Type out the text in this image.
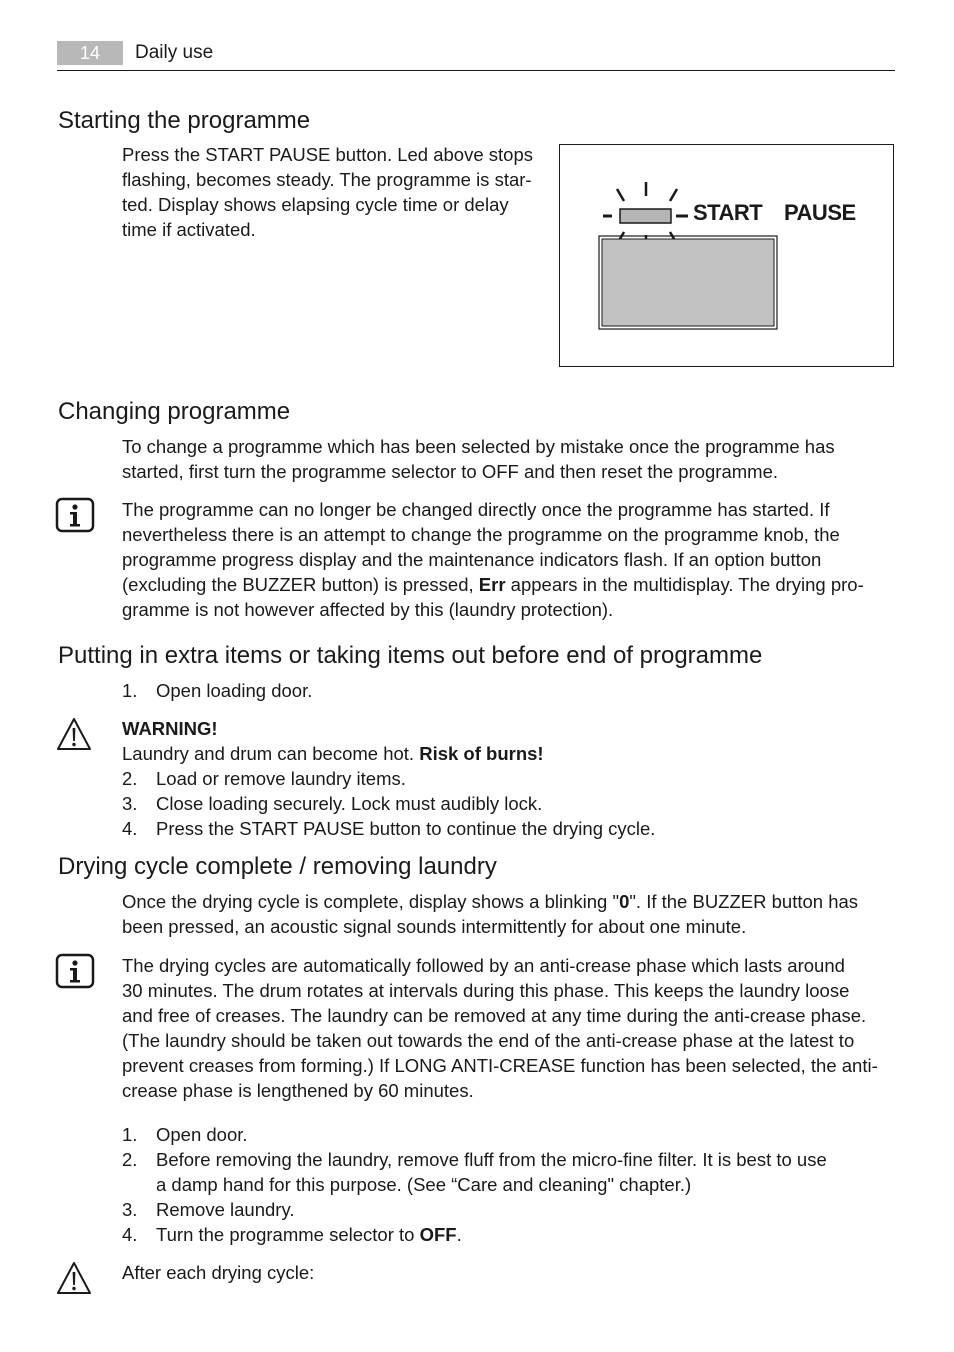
14	Daily use
Starting the programme
Press the START PAUSE button. Led above stops
flashing, becomes steady. The programme is star-
ted. Display shows elapsing cycle time or delay
time if activated.
START PAUSE
Changing programme
To change a programme which has been selected by mistake once the programme has
started, first turn the programme selector to OFF and then reset the programme.
The programme can no longer be changed directly once the programme has started. If
nevertheless there is an attempt to change the programme on the programme knob, the
programme progress display and the maintenance indicators flash. If an option button
(excluding the BUZZER button) is pressed, Err appears in the multidisplay. The drying pro-
gramme is not however affected by this (laundry protection).
Putting in extra items or taking items out before end of programme
1.	Open loading door.
WARNING!
Laundry and drum can become hot. Risk of burns!
2.	Load or remove laundry items.
3.	Close loading securely. Lock must audibly lock.
4.	Press the START PAUSE button to continue the drying cycle.
Drying cycle complete / removing laundry
Once the drying cycle is complete, display shows a blinking "0". If the BUZZER button has
been pressed, an acoustic signal sounds intermittently for about one minute.
The drying cycles are automatically followed by an anti-crease phase which lasts around
30 minutes. The drum rotates at intervals during this phase. This keeps the laundry loose
and free of creases. The laundry can be removed at any time during the anti-crease phase.
(The laundry should be taken out towards the end of the anti-crease phase at the latest to
prevent creases from forming.) If LONG ANTI-CREASE function has been selected, the anti-
crease phase is lengthened by 60 minutes.
1.	Open door.
2.	Before removing the laundry, remove fluff from the micro-fine filter. It is best to use
a damp hand for this purpose. (See “Care and cleaning" chapter.)
3.	Remove laundry.
4.	Turn the programme selector to OFF.
After each drying cycle:
